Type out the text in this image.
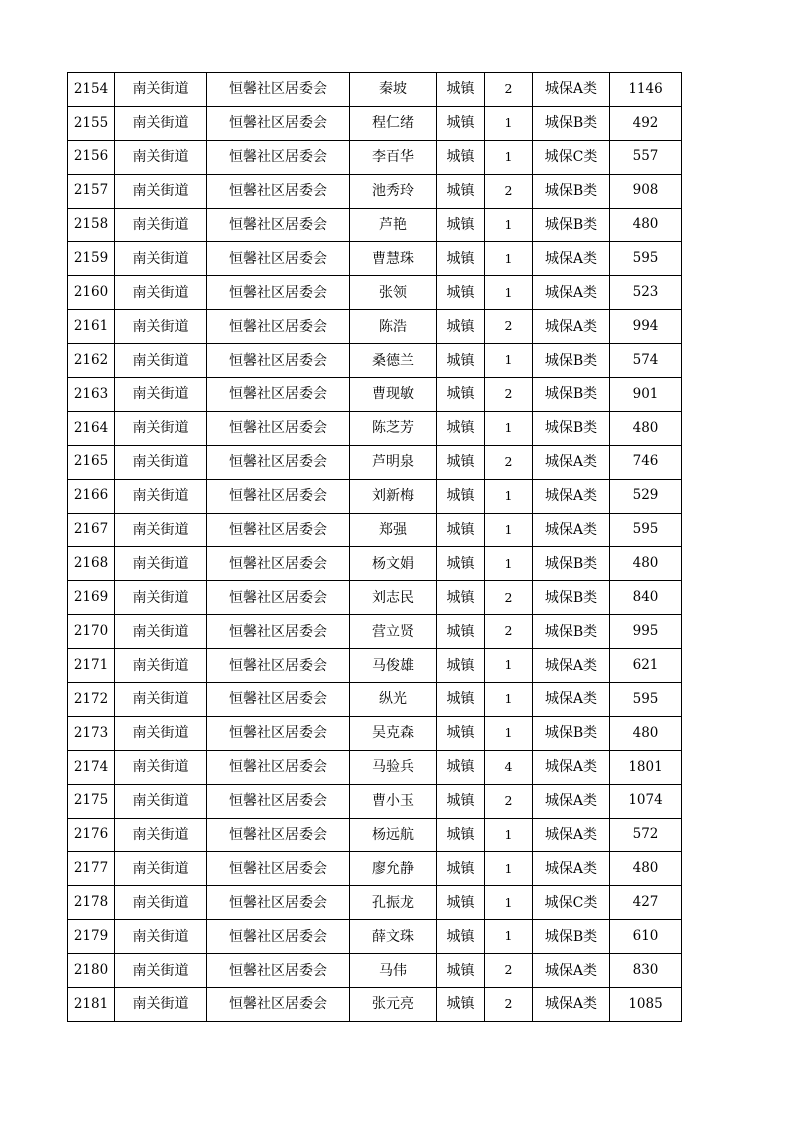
2154	南关街道	恒馨社区居委会	秦坡	城镇	2	城保A类	1146
2155	南关街道	恒馨社区居委会	程仁绪	城镇	1	城保B类	492
2156	南关街道	恒馨社区居委会	李百华	城镇	1	城保C类	557
2157	南关街道	恒馨社区居委会	池秀玲	城镇	2	城保B类	908
2158	南关街道	恒馨社区居委会	芦艳	城镇	1	城保B类	480
2159	南关街道	恒馨社区居委会	曹慧珠	城镇	1	城保A类	595
2160	南关街道	恒馨社区居委会	张领	城镇	1	城保A类	523
2161	南关街道	恒馨社区居委会	陈浩	城镇	2	城保A类	994
2162	南关街道	恒馨社区居委会	桑德兰	城镇	1	城保B类	574
2163	南关街道	恒馨社区居委会	曹现敏	城镇	2	城保B类	901
2164	南关街道	恒馨社区居委会	陈芝芳	城镇	1	城保B类	480
2165	南关街道	恒馨社区居委会	芦明泉	城镇	2	城保A类	746
2166	南关街道	恒馨社区居委会	刘新梅	城镇	1	城保A类	529
2167	南关街道	恒馨社区居委会	郑强	城镇	1	城保A类	595
2168	南关街道	恒馨社区居委会	杨文娟	城镇	1	城保B类	480
2169	南关街道	恒馨社区居委会	刘志民	城镇	2	城保B类	840
2170	南关街道	恒馨社区居委会	营立贤	城镇	2	城保B类	995
2171	南关街道	恒馨社区居委会	马俊雄	城镇	1	城保A类	621
2172	南关街道	恒馨社区居委会	纵光	城镇	1	城保A类	595
2173	南关街道	恒馨社区居委会	吴克森	城镇	1	城保B类	480
2174	南关街道	恒馨社区居委会	马验兵	城镇	4	城保A类	1801
2175	南关街道	恒馨社区居委会	曹小玉	城镇	2	城保A类	1074
2176	南关街道	恒馨社区居委会	杨远航	城镇	1	城保A类	572
2177	南关街道	恒馨社区居委会	廖允静	城镇	1	城保A类	480
2178	南关街道	恒馨社区居委会	孔振龙	城镇	1	城保C类	427
2179	南关街道	恒馨社区居委会	薛文珠	城镇	1	城保B类	610
2180	南关街道	恒馨社区居委会	马伟	城镇	2	城保A类	830
2181	南关街道	恒馨社区居委会	张元亮	城镇	2	城保A类	1085
